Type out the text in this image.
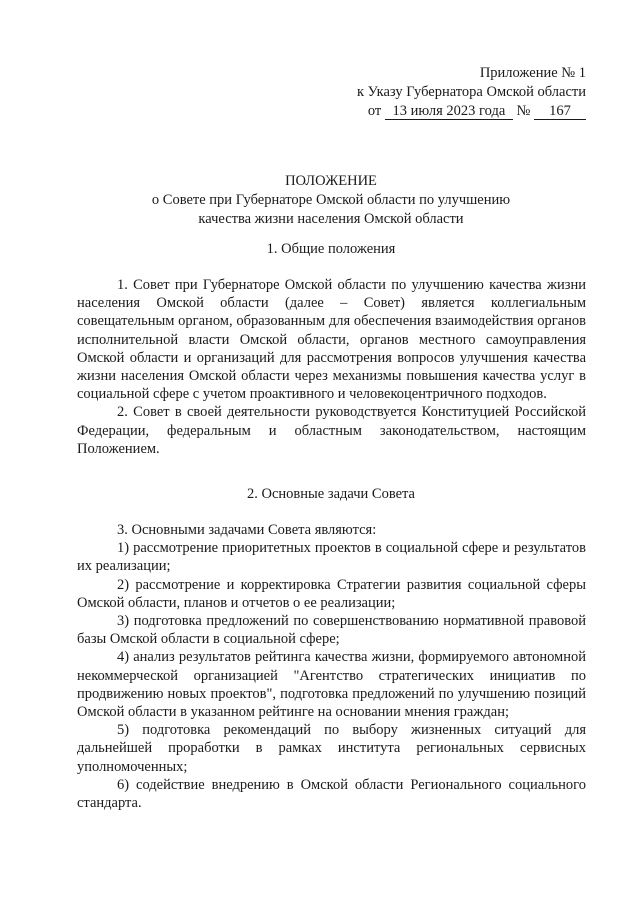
Приложение № 1
к Указу Губернатора Омской области
от 13 июля 2023 года № 167
ПОЛОЖЕНИЕ
о Совете при Губернаторе Омской области по улучшению
качества жизни населения Омской области
1. Общие положения

1. Совет при Губернаторе Омской области по улучшению качества жизни населения Омской области (далее – Совет) является коллегиальным совещательным органом, образованным для обеспечения взаимодействия органов исполнительной власти Омской области, органов местного самоуправления Омской области и организаций для рассмотрения вопросов улучшения качества жизни населения Омской области через механизмы повышения качества услуг в социальной сфере с учетом проактивного и человекоцентричного подходов.

2. Совет в своей деятельности руководствуется Конституцией Российской Федерации, федеральным и областным законодательством, настоящим Положением.

2. Основные задачи Совета

3. Основными задачами Совета являются:

1) рассмотрение приоритетных проектов в социальной сфере и результатов их реализации;

2) рассмотрение и корректировка Стратегии развития социальной сферы Омской области, планов и отчетов о ее реализации;

3) подготовка предложений по совершенствованию нормативной правовой базы Омской области в социальной сфере;

4) анализ результатов рейтинга качества жизни, формируемого автономной некоммерческой организацией "Агентство стратегических инициатив по продвижению новых проектов", подготовка предложений по улучшению позиций Омской области в указанном рейтинге на основании мнения граждан;

5) подготовка рекомендаций по выбору жизненных ситуаций для дальнейшей проработки в рамках института региональных сервисных уполномоченных;

6) содействие внедрению в Омской области Регионального социального стандарта.
